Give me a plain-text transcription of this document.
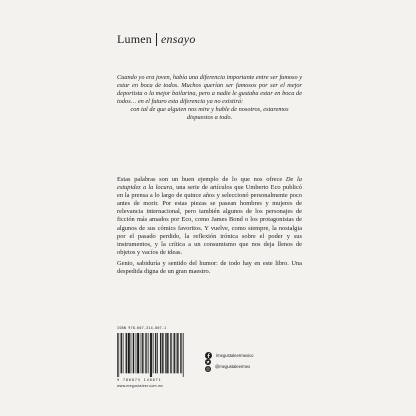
Lumen ensayo

Cuando yo era joven, había una diferencia importante entre ser famoso y estar en boca de todos. Muchos querían ser famosos por ser el mejor deportista o la mejor bailarina, pero a nadie le gustaba estar en boca de todos… en el futuro esta diferencia ya no existirá:
con tal de que alguien nos mire y hable de nosotros, estaremos
dispuestos a todo.

Estas palabras son un buen ejemplo de lo que nos ofrece De la estupidez a la locura, una serie de artículos que Umberto Eco publicó en la prensa a lo largo de quince años y seleccionó personalmente poco antes de morir. Por estas piezas se pasean hombres y mujeres de relevancia internacional, pero también algunos de los personajes de ficción más amados por Eco, como James Bond o los protagonistas de algunos de sus cómics favoritos. Y vuelve, como siempre, la nostalgia por el pasado perdido, la reflexión irónica sobre el poder y sus instrumentos, y la crítica a un consumismo que nos deja llenos de objetos y vacíos de ideas.

Genio, sabiduría y sentido del humor: de todo hay en este libro. Una despedida digna de un gran maestro.

ISBN 978-607-314-807-1
9 786073 148071
www.megustaleer.com.mx
/megustaleermexico
@megustaleermex
